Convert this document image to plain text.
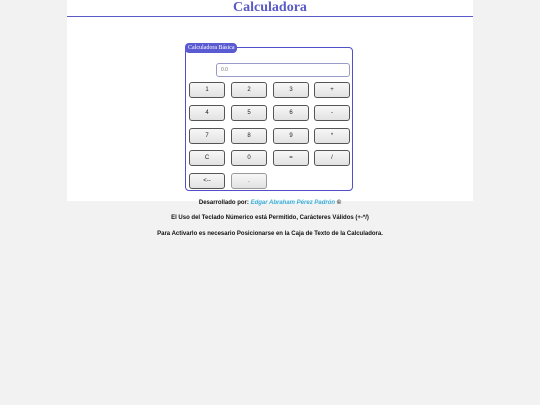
Calculadora
Calculadora Básica
0.0
1	2	3	+
4	5	6	-
7	8	9	*
C	0	=	/
<--	.
Desarrollado por: Edgar Abraham Pérez Padrón ©
El Uso del Teclado Númerico está Permitido, Carácteres Válidos (+-*/)
Para Activarlo es necesario Posicionarse en la Caja de Texto de la Calculadora.
